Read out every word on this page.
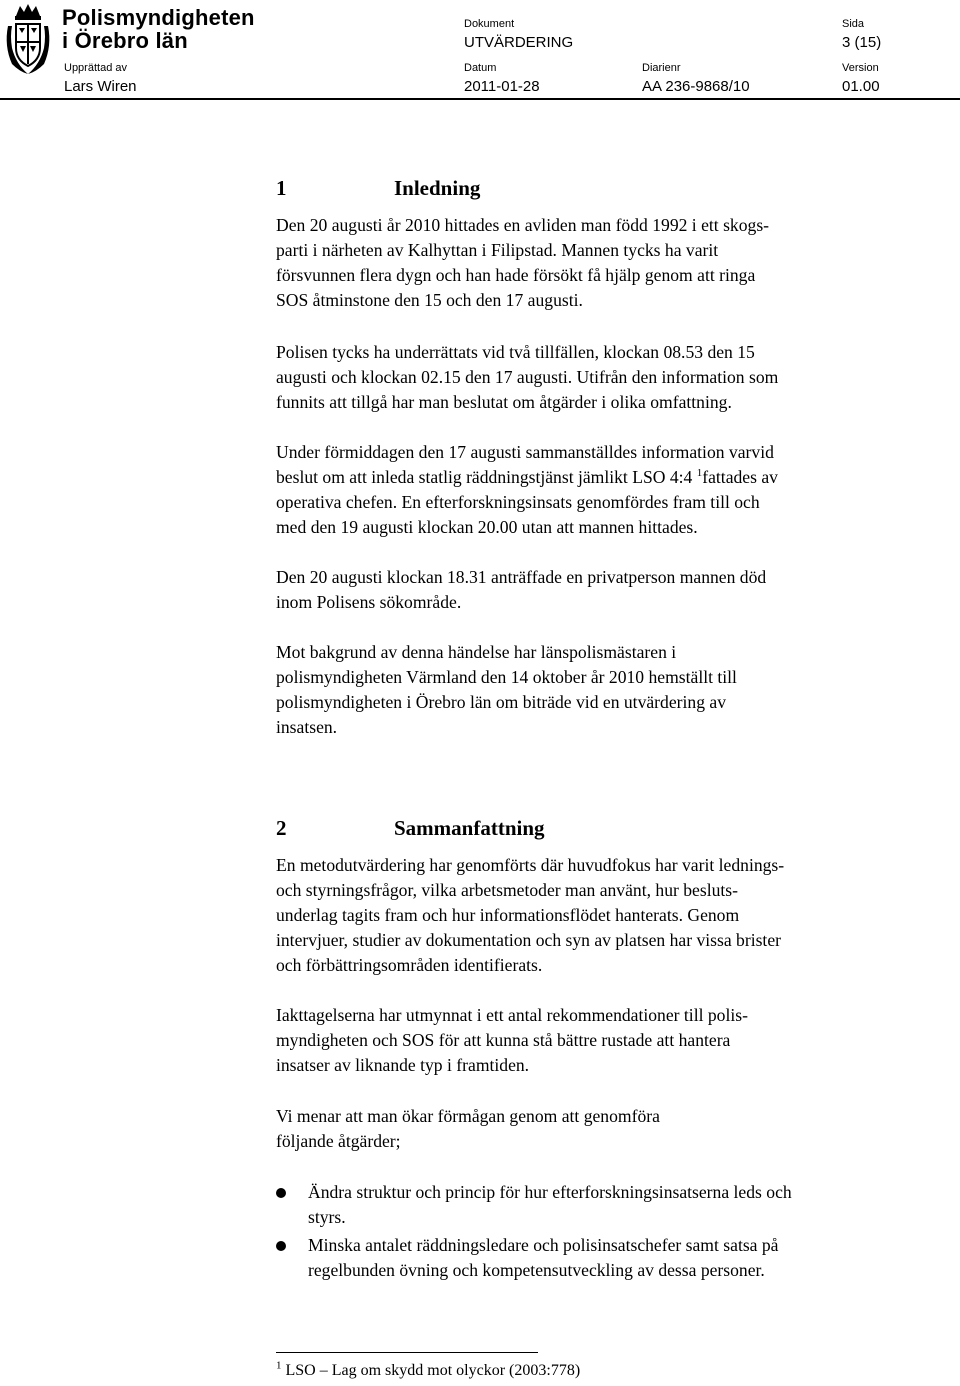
Polismyndigheten
i Örebro län
Dokument
UTVÄRDERING
Sida
3 (15)
Upprättad av
Lars Wiren
Datum
2011-01-28
Diarienr
AA 236-9868/10
Version
01.00
1	Inledning
Den 20 augusti år 2010 hittades en avliden man född 1992 i ett skogs-
parti i närheten av Kalhyttan i Filipstad. Mannen tycks ha varit
försvunnen flera dygn och han hade försökt få hjälp genom att ringa
SOS åtminstone den 15 och den 17 augusti.
Polisen tycks ha underrättats vid två tillfällen, klockan 08.53 den 15
augusti och klockan 02.15 den 17 augusti. Utifrån den information som
funnits att tillgå har man beslutat om åtgärder i olika omfattning.
Under förmiddagen den 17 augusti sammanställdes information varvid
beslut om att inleda statlig räddningstjänst jämlikt LSO 4:4 $^1$fattades av
operativa chefen. En efterforskningsinsats genomfördes fram till och
med den 19 augusti klockan 20.00 utan att mannen hittades.
Den 20 augusti klockan 18.31 anträffade en privatperson mannen död
inom Polisens sökområde.
Mot bakgrund av denna händelse har länspolismästaren i
polismyndigheten Värmland den 14 oktober år 2010 hemställt till
polismyndigheten i Örebro län om biträde vid en utvärdering av
insatsen.
2	Sammanfattning
En metodutvärdering har genomförts där huvudfokus har varit lednings-
och styrningsfrågor, vilka arbetsmetoder man använt, hur besluts-
underlag tagits fram och hur informationsflödet hanterats. Genom
intervjuer, studier av dokumentation och syn av platsen har vissa brister
och förbättringsområden identifierats.
Iakttagelserna har utmynnat i ett antal rekommendationer till polis-
myndigheten och SOS för att kunna stå bättre rustade att hantera
insatser av liknande typ i framtiden.
Vi menar att man ökar förmågan genom att genomföra
följande åtgärder;
Ändra struktur och princip för hur efterforskningsinsatserna leds och
styrs.
Minska antalet räddningsledare och polisinsatschefer samt satsa på
regelbunden övning och kompetensutveckling av dessa personer.
$^1$ LSO – Lag om skydd mot olyckor (2003:778)
